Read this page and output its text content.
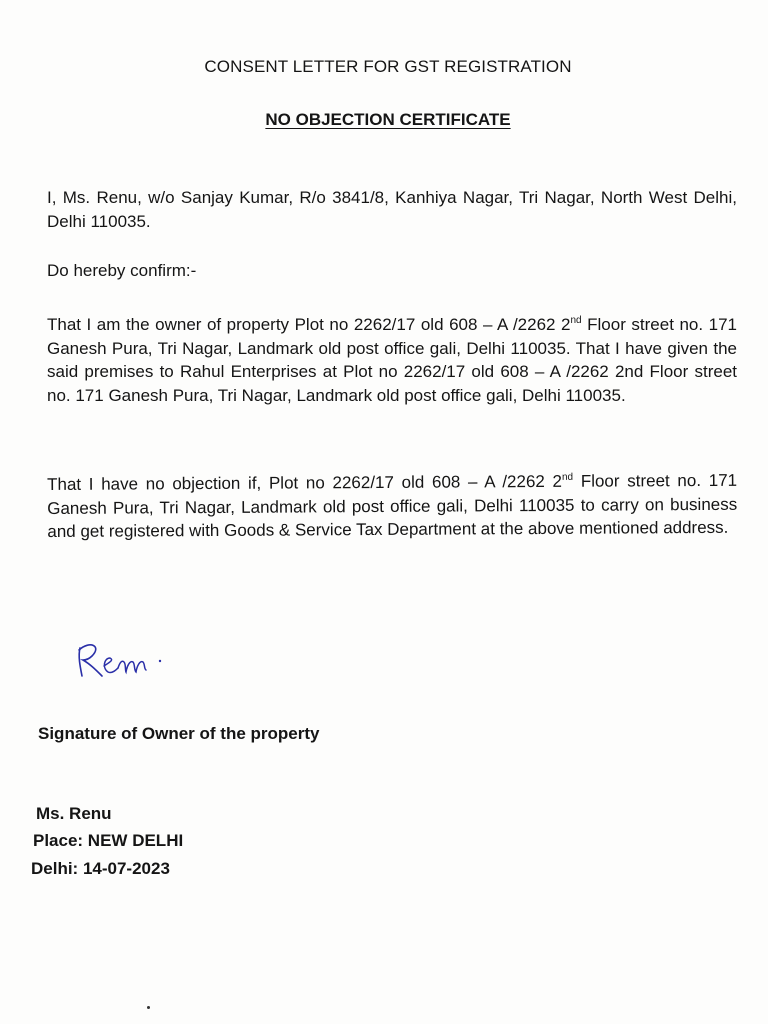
CONSENT LETTER FOR GST REGISTRATION
NO OBJECTION CERTIFICATE
I, Ms. Renu, w/o Sanjay Kumar, R/o 3841/8, Kanhiya Nagar, Tri Nagar, North West Delhi, Delhi 110035.
Do hereby confirm:-
That I am the owner of property Plot no 2262/17 old 608 – A /2262 2nd Floor street no. 171 Ganesh Pura, Tri Nagar, Landmark old post office gali, Delhi 110035. That I have given the said premises to Rahul Enterprises at Plot no 2262/17 old 608 – A /2262 2nd Floor street no. 171 Ganesh Pura, Tri Nagar, Landmark old post office gali, Delhi 110035.
That I have no objection if, Plot no 2262/17 old 608 – A /2262 2nd Floor street no. 171 Ganesh Pura, Tri Nagar, Landmark old post office gali, Delhi 110035 to carry on business and get registered with Goods & Service Tax Department at the above mentioned address.
Signature of Owner of the property
Ms. Renu
Place: NEW DELHI
Delhi: 14-07-2023
